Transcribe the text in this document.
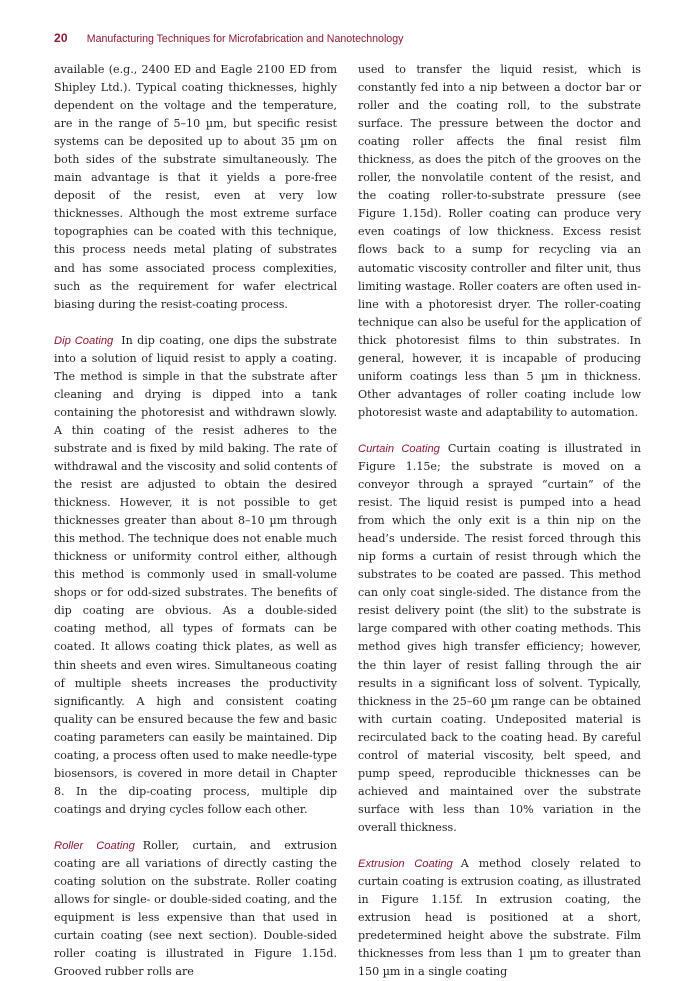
20 Manufacturing Techniques for Microfabrication and Nanotechnology

available (e.g., 2400 ED and Eagle 2100 ED from Shipley Ltd.). Typical coating thicknesses, highly dependent on the voltage and the temperature, are in the range of 5–10 µm, but specific resist systems can be deposited up to about 35 µm on both sides of the substrate simultaneously. The main advantage is that it yields a pore-free deposit of the resist, even at very low thicknesses. Although the most extreme surface topographies can be coated with this technique, this process needs metal plating of substrates and has some associated process complexities, such as the requirement for wafer electrical biasing during the resist-coating process.

Dip Coating In dip coating, one dips the substrate into a solution of liquid resist to apply a coating. The method is simple in that the substrate after cleaning and drying is dipped into a tank containing the photoresist and withdrawn slowly. A thin coating of the resist adheres to the substrate and is fixed by mild baking. The rate of withdrawal and the viscosity and solid contents of the resist are adjusted to obtain the desired thickness. However, it is not possible to get thicknesses greater than about 8–10 µm through this method. The technique does not enable much thickness or uniformity control either, although this method is commonly used in small-volume shops or for odd-sized substrates. The benefits of dip coating are obvious. As a double-sided coating method, all types of formats can be coated. It allows coating thick plates, as well as thin sheets and even wires. Simultaneous coating of multiple sheets increases the productivity significantly. A high and consistent coating quality can be ensured because the few and basic coating parameters can easily be maintained. Dip coating, a process often used to make needle-type biosensors, is covered in more detail in Chapter 8. In the dip-coating process, multiple dip coatings and drying cycles follow each other.

Roller Coating Roller, curtain, and extrusion coating are all variations of directly casting the coating solution on the substrate. Roller coating allows for single- or double-sided coating, and the equipment is less expensive than that used in curtain coating (see next section). Double-sided roller coating is illustrated in Figure 1.15d. Grooved rubber rolls are

used to transfer the liquid resist, which is constantly fed into a nip between a doctor bar or roller and the coating roll, to the substrate surface. The pressure between the doctor and coating roller affects the final resist film thickness, as does the pitch of the grooves on the roller, the nonvolatile content of the resist, and the coating roller-to-substrate pressure (see Figure 1.15d). Roller coating can produce very even coatings of low thickness. Excess resist flows back to a sump for recycling via an automatic viscosity controller and filter unit, thus limiting wastage. Roller coaters are often used in-line with a photoresist dryer. The roller-coating technique can also be useful for the application of thick photoresist films to thin substrates. In general, however, it is incapable of producing uniform coatings less than 5 µm in thickness. Other advantages of roller coating include low photoresist waste and adaptability to automation.

Curtain Coating Curtain coating is illustrated in Figure 1.15e; the substrate is moved on a conveyor through a sprayed “curtain” of the resist. The liquid resist is pumped into a head from which the only exit is a thin nip on the head’s underside. The resist forced through this nip forms a curtain of resist through which the substrates to be coated are passed. This method can only coat single-sided. The distance from the resist delivery point (the slit) to the substrate is large compared with other coating methods. This method gives high transfer efficiency; however, the thin layer of resist falling through the air results in a significant loss of solvent. Typically, thickness in the 25–60 µm range can be obtained with curtain coating. Undeposited material is recirculated back to the coating head. By careful control of material viscosity, belt speed, and pump speed, reproducible thicknesses can be achieved and maintained over the substrate surface with less than 10% variation in the overall thickness.

Extrusion Coating A method closely related to curtain coating is extrusion coating, as illustrated in Figure 1.15f. In extrusion coating, the extrusion head is positioned at a short, predetermined height above the substrate. Film thicknesses from less than 1 µm to greater than 150 µm in a single coating
